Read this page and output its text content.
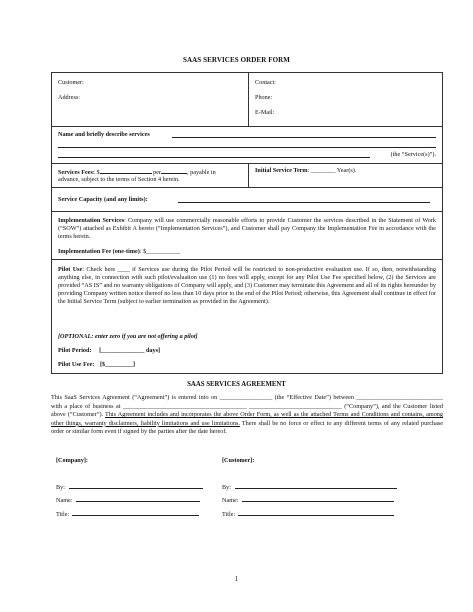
SAAS SERVICES ORDER FORM
Customer:	Contact:
Address:	Phone:
E-Mail:
Name and briefly describe services
(the “Service(s)”).
Services Fees: $	per	, payable in
advance, subject to the terms of Section 4 herein.
Initial Service Term: ________ Year(s).
Service Capacity (and any limits):
Implementation Services: Company will use commercially reasonable efforts to provide Customer the services described in the Statement of Work (“SOW”) attached as Exhibit A hereto (“Implementation Services”), and Customer shall pay Company the Implementation Fee in accordance with the terms herein.
Implementation Fee (one-time): $___________
Pilot Use: Check here ____ if Services use during the Pilot Period will be restricted to non-productive evaluation use. If so, then, notwithstanding anything else, in connection with such pilot/evaluation use (1) no fees will apply, except for any Pilot Use Fee specified below, (2) the Services are provided “AS IS” and no warranty obligations of Company will apply, and (3) Customer may terminate this Agreement and all of its rights hereunder by providing Company written notice thereof no less than 10 days prior to the end of the Pilot Period; otherwise, this Agreement shall continue in effect for the Initial Service Term (subject to earlier termination as provided in the Agreement).
[OPTIONAL: enter zero if you are not offering a pilot]
Pilot Period: [______________ days]
Pilot Use Fee: [$_________]
SAAS SERVICES AGREEMENT
This SaaS Services Agreement (“Agreement”) is entered into on _________________ (the “Effective Date”) between ____________________________ with a place of business at ________________________________________ ______________________________ (“Company”), and the Customer listed above (“Customer”). This Agreement includes and incorporates the above Order Form, as well as the attached Terms and Conditions and contains, among other things, warranty disclaimers, liability limitations and use limitations. There shall be no force or effect to any different terms of any related purchase order or similar form even if signed by the parties after the date hereof.
[Company]:	[Customer]:
By:	By:
Name:	Name:
Title:	Title:
1
